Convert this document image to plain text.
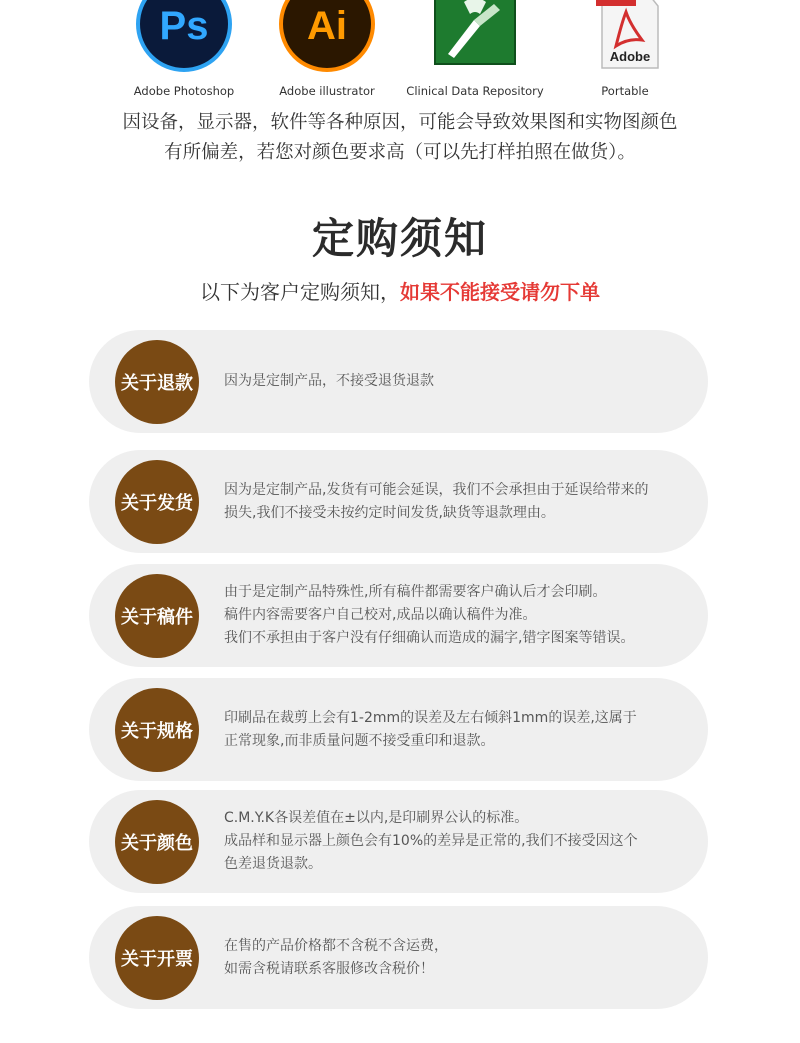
Ps
Adobe Photoshop
Ai
Adobe illustrator	Clinical Data Repository
Adobe
Portable
因设备，显示器，软件等各种原因，可能会导致效果图和实物图颜色
有所偏差，若您对颜色要求高（可以先打样拍照在做货）。
定购须知
以下为客户定购须知，如果不能接受请勿下单
关于退款	因为是定制产品，不接受退货退款
关于发货
因为是定制产品,发货有可能会延误，我们不会承担由于延误给带来的
损失,我们不接受未按约定时间发货,缺货等退款理由。
关于稿件
由于是定制产品特殊性,所有稿件都需要客户确认后才会印刷。
稿件内容需要客户自己校对,成品以确认稿件为准。
我们不承担由于客户没有仔细确认而造成的漏字,错字图案等错误。
关于规格
印刷品在裁剪上会有1-2mm的误差及左右倾斜1mm的误差,这属于
正常现象,而非质量问题不接受重印和退款。
关于颜色
C.M.Y.K各误差值在±以内,是印刷界公认的标准。
成品样和显示器上颜色会有10%的差异是正常的,我们不接受因这个
色差退货退款。
关于开票
在售的产品价格都不含税不含运费，
如需含税请联系客服修改含税价！
